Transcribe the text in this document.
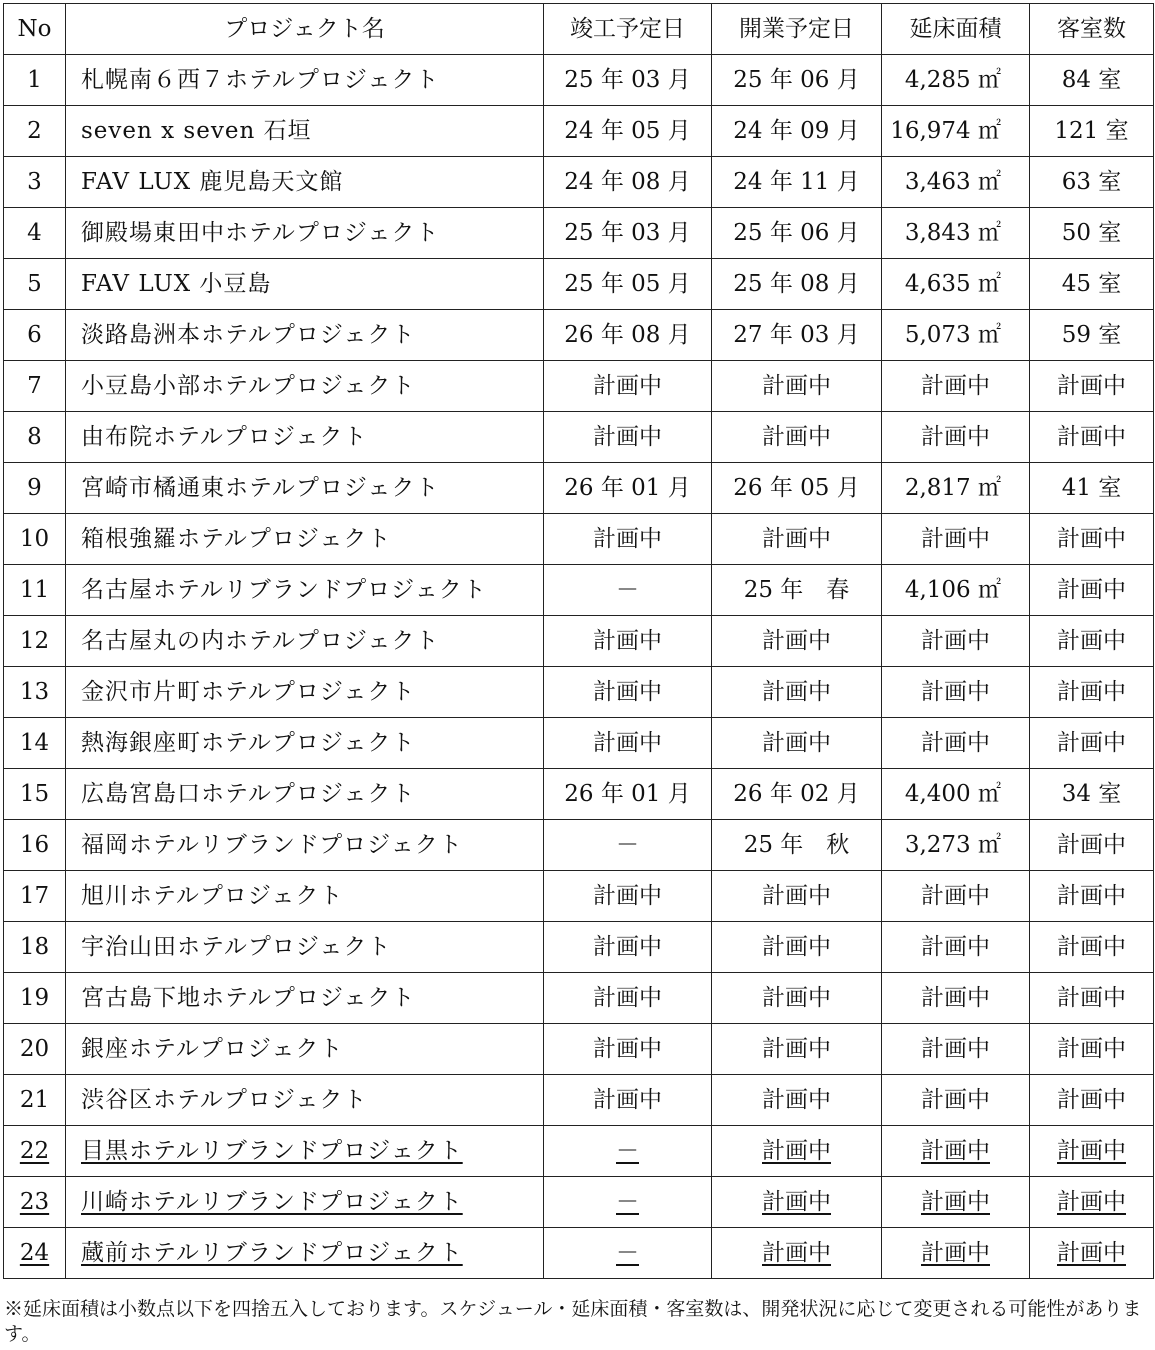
No	プロジェクト名	竣工予定日	開業予定日	延床面積	客室数
1	札幌南６西７ホテルプロジェクト	25 年 03 月	25 年 06 月	4,285 ㎡	84 室
2	seven x seven 石垣	24 年 05 月	24 年 09 月	16,974 ㎡	121 室
3	FAV LUX 鹿児島天文館	24 年 08 月	24 年 11 月	3,463 ㎡	63 室
4	御殿場東田中ホテルプロジェクト	25 年 03 月	25 年 06 月	3,843 ㎡	50 室
5	FAV LUX 小豆島	25 年 05 月	25 年 08 月	4,635 ㎡	45 室
6	淡路島洲本ホテルプロジェクト	26 年 08 月	27 年 03 月	5,073 ㎡	59 室
7	小豆島小部ホテルプロジェクト	計画中	計画中	計画中	計画中
8	由布院ホテルプロジェクト	計画中	計画中	計画中	計画中
9	宮崎市橘通東ホテルプロジェクト	26 年 01 月	26 年 05 月	2,817 ㎡	41 室
10	箱根強羅ホテルプロジェクト	計画中	計画中	計画中	計画中
11	名古屋ホテルリブランドプロジェクト	－	25 年　春	4,106 ㎡	計画中
12	名古屋丸の内ホテルプロジェクト	計画中	計画中	計画中	計画中
13	金沢市片町ホテルプロジェクト	計画中	計画中	計画中	計画中
14	熱海銀座町ホテルプロジェクト	計画中	計画中	計画中	計画中
15	広島宮島口ホテルプロジェクト	26 年 01 月	26 年 02 月	4,400 ㎡	34 室
16	福岡ホテルリブランドプロジェクト	－	25 年　秋	3,273 ㎡	計画中
17	旭川ホテルプロジェクト	計画中	計画中	計画中	計画中
18	宇治山田ホテルプロジェクト	計画中	計画中	計画中	計画中
19	宮古島下地ホテルプロジェクト	計画中	計画中	計画中	計画中
20	銀座ホテルプロジェクト	計画中	計画中	計画中	計画中
21	渋谷区ホテルプロジェクト	計画中	計画中	計画中	計画中
22	目黒ホテルリブランドプロジェクト	－	計画中	計画中	計画中
23	川崎ホテルリブランドプロジェクト	－	計画中	計画中	計画中
24	蔵前ホテルリブランドプロジェクト	－	計画中	計画中	計画中
※延床面積は小数点以下を四捨五入しております。スケジュール・延床面積・客室数は、開発状況に応じて変更される可能性があります。
